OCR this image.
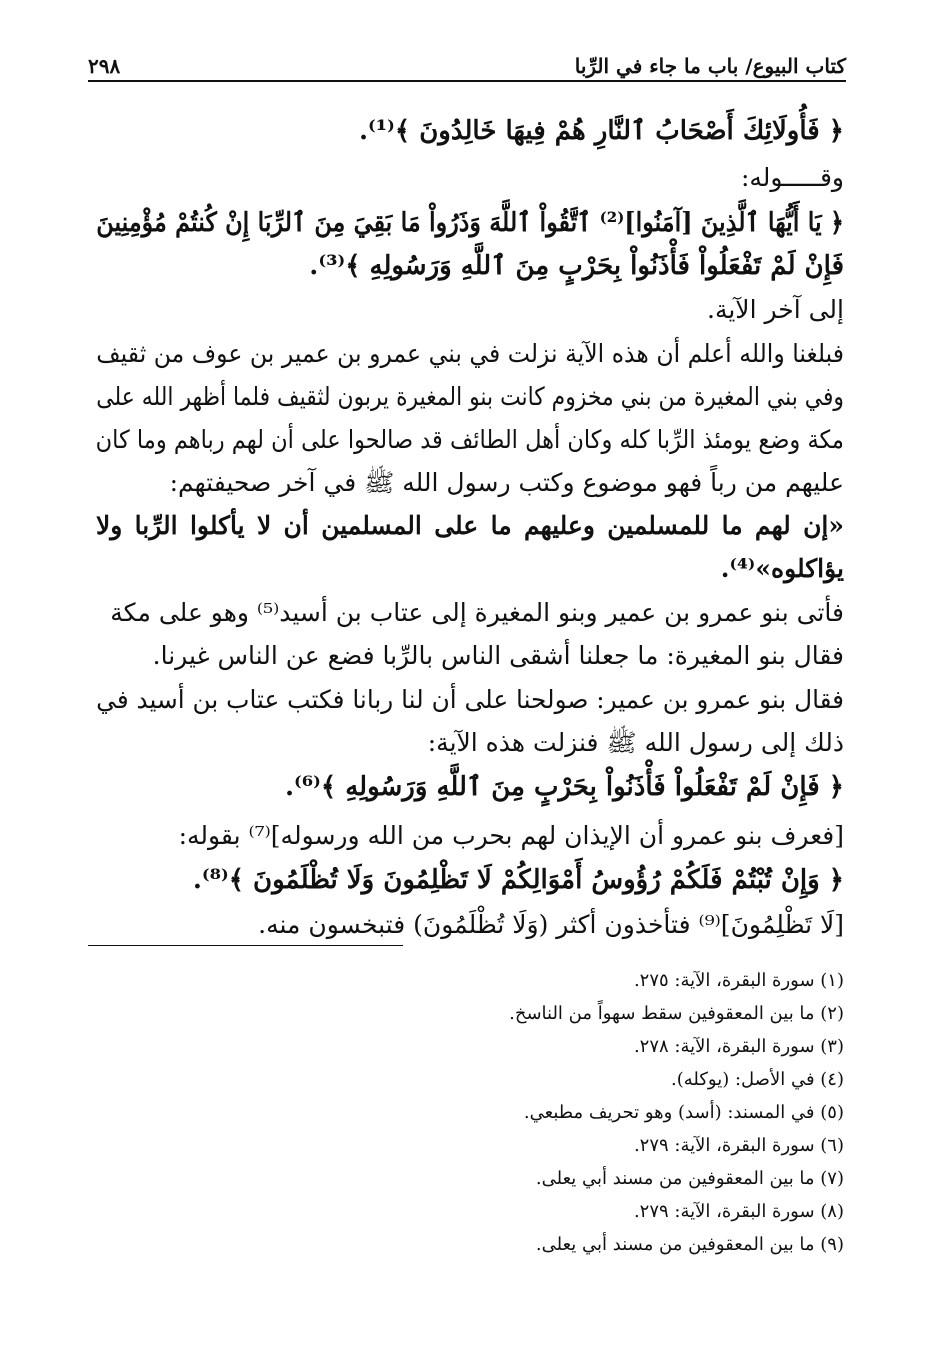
كتاب البيوع/ باب ما جاء في الرِّبا
٢٩٨
﴿ فَأُولَائِكَ أَصْحَابُ ٱلنَّارِ هُمْ فِيهَا خَالِدُونَ ﴾⁽¹⁾.
وقـــــوله:
﴿ يَا أَيُّهَا ٱلَّذِينَ [آمَنُوا]⁽²⁾ ٱتَّقُواْ ٱللَّهَ وَذَرُواْ مَا بَقِيَ مِنَ ٱلرِّبَا إِنْ كُنتُمْ مُؤْمِنِينَ
فَإِنْ لَمْ تَفْعَلُواْ فَأْذَنُواْ بِحَرْبٍ مِنَ ٱللَّهِ وَرَسُولِهِ ﴾⁽³⁾.
إلى آخر الآية.
فبلغنا والله أعلم أن هذه الآية نزلت في بني عمرو بن عمير بن عوف من ثقيف
وفي بني المغيرة من بني مخزوم كانت بنو المغيرة يربون لثقيف فلما أظهر الله على
مكة وضع يومئذ الرِّبا كله وكان أهل الطائف قد صالحوا على أن لهم رباهم وما كان
عليهم من رباً فهو موضوع وكتب رسول الله ﷺ في آخر صحيفتهم:
«إن لهم ما للمسلمين وعليهم ما على المسلمين أن لا يأكلوا الرِّبا ولا
يؤاكلوه»⁽⁴⁾.
فأتى بنو عمرو بن عمير وبنو المغيرة إلى عتاب بن أسيد⁽⁵⁾ وهو على مكة
فقال بنو المغيرة: ما جعلنا أشقى الناس بالرِّبا فضع عن الناس غيرنا.
فقال بنو عمرو بن عمير: صولحنا على أن لنا ربانا فكتب عتاب بن أسيد في
ذلك إلى رسول الله ﷺ فنزلت هذه الآية:
﴿ فَإِنْ لَمْ تَفْعَلُواْ فَأْذَنُواْ بِحَرْبٍ مِنَ ٱللَّهِ وَرَسُولِهِ ﴾⁽⁶⁾.
[فعرف بنو عمرو أن الإيذان لهم بحرب من الله ورسوله]⁽⁷⁾ بقوله:
﴿ وَإِنْ تُبْتُمْ فَلَكُمْ رُؤُوسُ أَمْوَالِكُمْ لَا تَظْلِمُونَ وَلَا تُظْلَمُونَ ﴾⁽⁸⁾.
[لَا تَظْلِمُونَ]⁽⁹⁾ فتأخذون أكثر (وَلَا تُظْلَمُونَ) فتبخسون منه.
(١) سورة البقرة، الآية: ٢٧٥.
(٢) ما بين المعقوفين سقط سهواً من الناسخ.
(٣) سورة البقرة، الآية: ٢٧٨.
(٤) في الأصل: (يوكله).
(٥) في المسند: (أسد) وهو تحريف مطبعي.
(٦) سورة البقرة، الآية: ٢٧٩.
(٧) ما بين المعقوفين من مسند أبي يعلى.
(٨) سورة البقرة، الآية: ٢٧٩.
(٩) ما بين المعقوفين من مسند أبي يعلى.
